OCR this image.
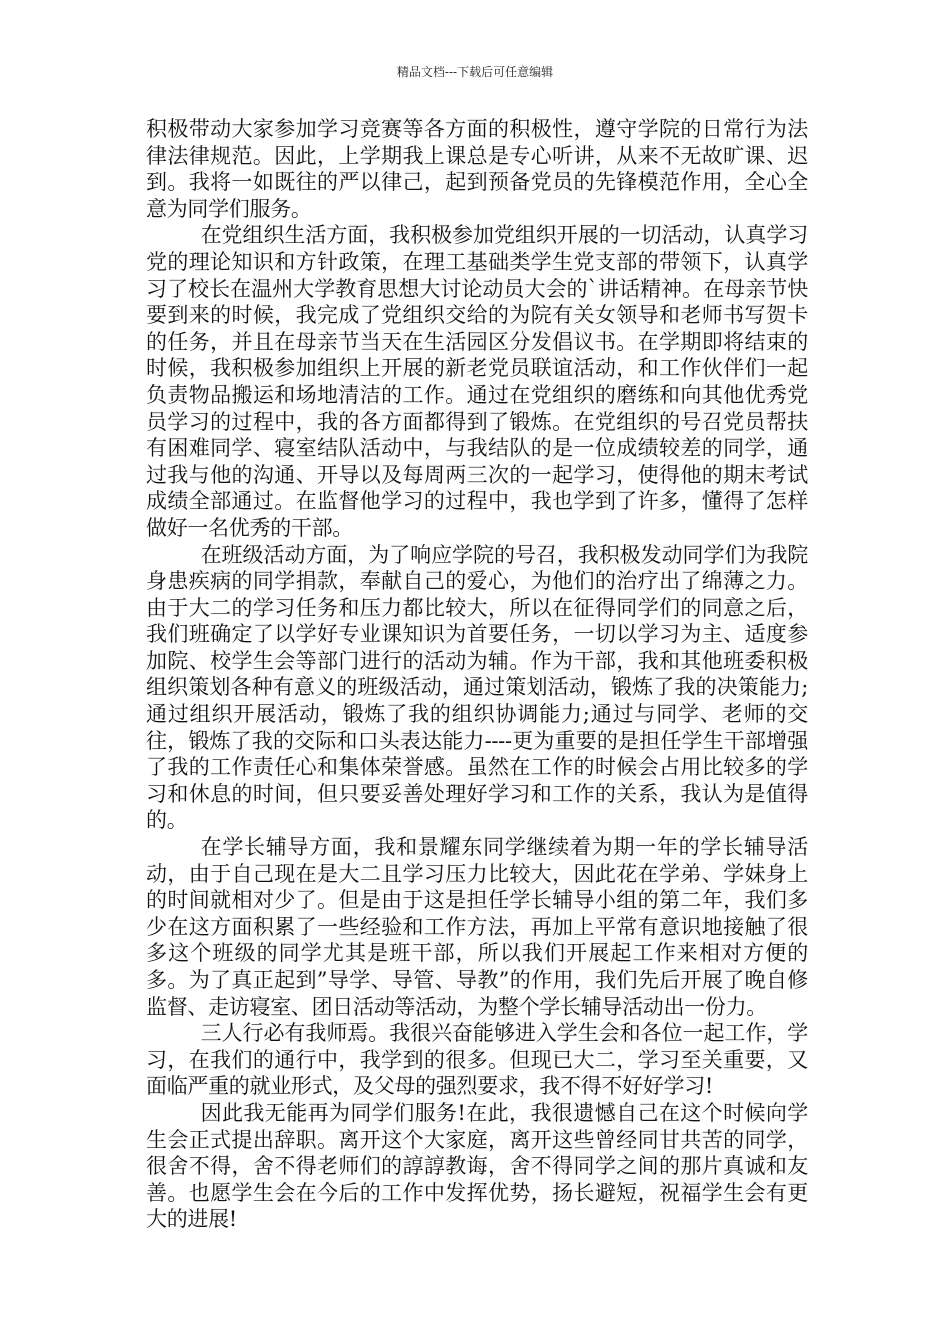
精品文档---下载后可任意编辑

积极带动大家参加学习竞赛等各方面的积极性，遵守学院的日常行为法律法律规范。因此，上学期我上课总是专心听讲，从来不无故旷课、迟到。我将一如既往的严以律己，起到预备党员的先锋模范作用，全心全意为同学们服务。

在党组织生活方面，我积极参加党组织开展的一切活动，认真学习党的理论知识和方针政策，在理工基础类学生党支部的带领下，认真学习了校长在温州大学教育思想大讨论动员大会的`讲话精神。在母亲节快要到来的时候，我完成了党组织交给的为院有关女领导和老师书写贺卡的任务，并且在母亲节当天在生活园区分发倡议书。在学期即将结束的时候，我积极参加组织上开展的新老党员联谊活动，和工作伙伴们一起负责物品搬运和场地清洁的工作。通过在党组织的磨练和向其他优秀党员学习的过程中，我的各方面都得到了锻炼。在党组织的号召党员帮扶有困难同学、寝室结队活动中，与我结队的是一位成绩较差的同学，通过我与他的沟通、开导以及每周两三次的一起学习，使得他的期末考试成绩全部通过。在监督他学习的过程中，我也学到了许多，懂得了怎样做好一名优秀的干部。

在班级活动方面，为了响应学院的号召，我积极发动同学们为我院身患疾病的同学捐款，奉献自己的爱心，为他们的治疗出了绵薄之力。由于大二的学习任务和压力都比较大，所以在征得同学们的同意之后，我们班确定了以学好专业课知识为首要任务，一切以学习为主、适度参加院、校学生会等部门进行的活动为辅。作为干部，我和其他班委积极组织策划各种有意义的班级活动，通过策划活动，锻炼了我的决策能力;通过组织开展活动，锻炼了我的组织协调能力;通过与同学、老师的交往，锻炼了我的交际和口头表达能力----更为重要的是担任学生干部增强了我的工作责任心和集体荣誉感。虽然在工作的时候会占用比较多的学习和休息的时间，但只要妥善处理好学习和工作的关系，我认为是值得的。

在学长辅导方面，我和景耀东同学继续着为期一年的学长辅导活动，由于自己现在是大二且学习压力比较大，因此花在学弟、学妹身上的时间就相对少了。但是由于这是担任学长辅导小组的第二年，我们多少在这方面积累了一些经验和工作方法，再加上平常有意识地接触了很多这个班级的同学尤其是班干部，所以我们开展起工作来相对方便的多。为了真正起到”导学、导管、导教”的作用，我们先后开展了晚自修监督、走访寝室、团日活动等活动，为整个学长辅导活动出一份力。

三人行必有我师焉。我很兴奋能够进入学生会和各位一起工作，学习，在我们的通行中，我学到的很多。但现已大二，学习至关重要，又面临严重的就业形式，及父母的强烈要求，我不得不好好学习!

因此我无能再为同学们服务!在此，我很遗憾自己在这个时候向学生会正式提出辞职。离开这个大家庭，离开这些曾经同甘共苦的同学，很舍不得，舍不得老师们的諄諄教诲，舍不得同学之间的那片真诚和友善。也愿学生会在今后的工作中发挥优势，扬长避短，祝福学生会有更大的进展!
